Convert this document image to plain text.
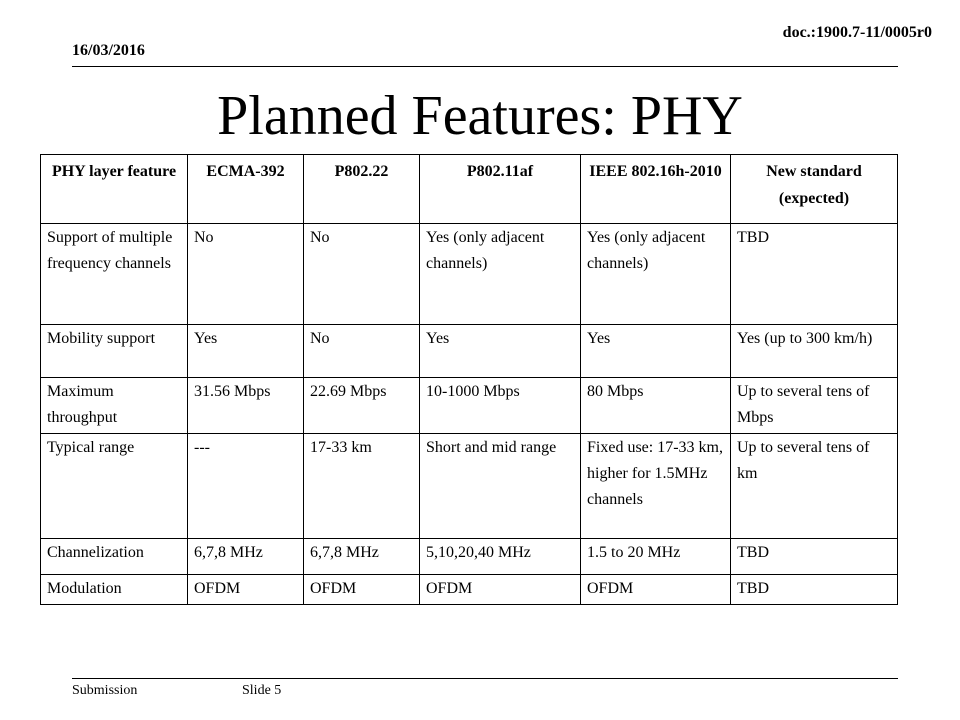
16/03/2016
doc.:1900.7-11/0005r0
Planned Features: PHY
PHY layer feature	ECMA-392	P802.22	P802.11af	IEEE 802.16h-2010	New standard (expected)
Support of multiple frequency channels	No	No	Yes (only adjacent channels)	Yes (only adjacent channels)	TBD
Mobility support	Yes	No	Yes	Yes	Yes (up to 300 km/h)
Maximum throughput	31.56 Mbps	22.69 Mbps	10-1000 Mbps	80 Mbps	Up to several tens of Mbps
Typical range	---	17-33 km	Short and mid range	Fixed use: 17-33 km, higher for 1.5MHz channels	Up to several tens of km
Channelization	6,7,8 MHz	6,7,8 MHz	5,10,20,40 MHz	1.5 to 20 MHz	TBD
Modulation	OFDM	OFDM	OFDM	OFDM	TBD
Submission	Slide 5
